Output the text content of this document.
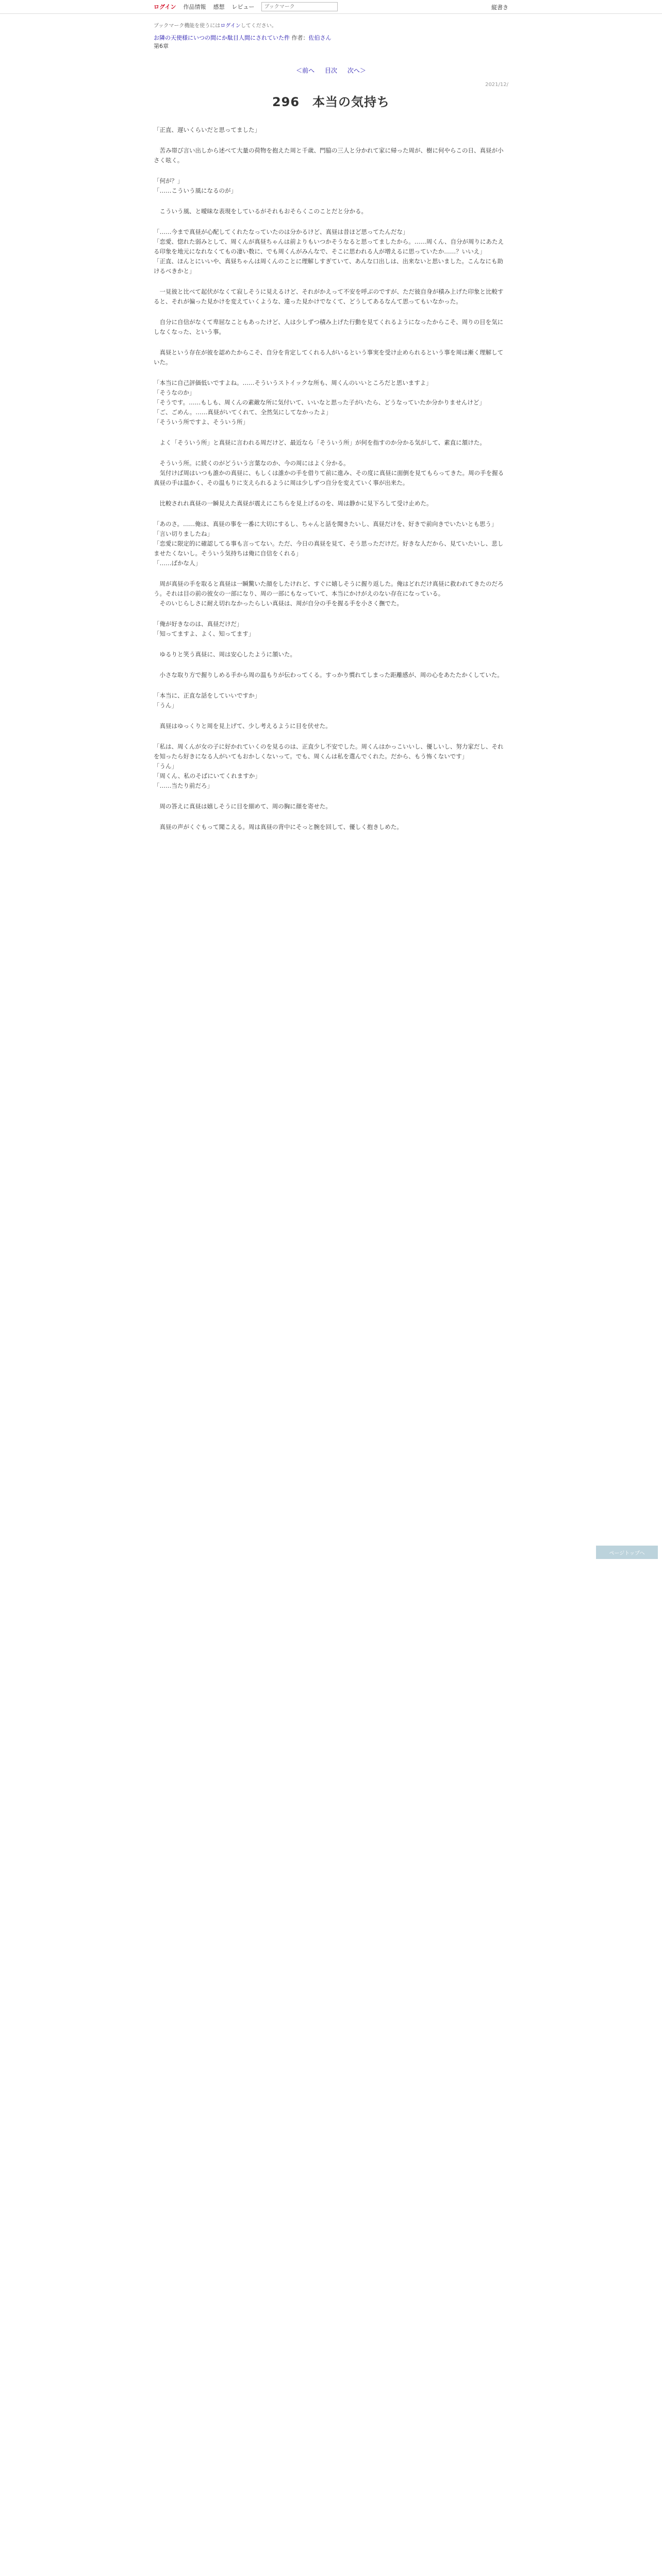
ログイン 作品情報 感想 レビュー
ブックマーク	縦書き
ブックマーク機能を使うにはログインしてください。
お隣の天使様にいつの間にか駄目人間にされていた件 作者：佐伯さん
第6章
＜前へ 目次 次へ＞
2021/12/
296　本当の気持ち

「正直、遅いくらいだと思ってました」

　苦み帯び言い出しから述べて大量の荷物を抱えた周と千歳、門脇の三人と分かれて家に帰った周が、樹に何やらこの日、真昼が小さく呟く。

「何が？」
「……こういう風になるのが」

　こういう風、と曖昧な表現をしているがそれもおそらくこのことだと分かる。

「……今まで真昼が心配してくれたなっていたのは分かるけど、真昼は昔ほど思ってたんだな」
「恋愛、惚れた弱みとして、周くんが真昼ちゃんは前よりもいつかそうなると思ってましたから。……周くん、自分が周りにあたえる印象を地元になれなくてもの凄い数に、でも周くんがみんなで、そこに思われる人が増えるに思っていたか……？いいえ」
「正直、ほんとにいいや、真昼ちゃんは周くんのことに理解しすぎていて、あんな口出しは、出来ないと思いました。こんなにも助けるべきかと」

　一見彼と比べて起伏がなくて寂しそうに見えるけど、それがかえって不安を呼ぶのですが、ただ彼自身が積み上げた印象と比較すると、それが偏った見かけを変えていくような、違った見かけでなくて、どうしてあるなんて思ってもいなかった。

　自分に自信がなくて卑屈なこともあったけど、人は少しずつ積み上げた行動を見てくれるようになったからこそ、周りの目を気にしなくなった、という事。

　真昼という存在が彼を認めたからこそ、自分を肯定してくれる人がいるという事実を受け止められるという事を周は漸く理解していた。

「本当に自己評価低いですよね。……そういうストイックな所も、周くんのいいところだと思いますよ」
「そうなのか」
「そうです。……もしも、周くんの素敵な所に気付いて、いいなと思った子がいたら、どうなっていたか分かりませんけど」
「ご、ごめん。……真昼がいてくれて、全然気にしてなかったよ」
「そういう所ですよ、そういう所」

　よく「そういう所」と真昼に言われる周だけど、最近なら「そういう所」が何を指すのか分かる気がして、素直に頷けた。

　そういう所。に続くのがどういう言葉なのか、今の周にはよく分かる。
　気付けば周はいつも誰かの真昼に、もしくは誰かの手を借りて前に進み、その度に真昼に面倒を見てもらってきた。周の手を握る真昼の手は温かく、その温もりに支えられるように周は少しずつ自分を変えていく事が出来た。

　比較されれ真昼の一瞬見えた真昼が震えにこちらを見上げるのを、周は静かに見下ろして受け止めた。

「あのさ。……俺は、真昼の事を一番に大切にするし、ちゃんと話を聞きたいし、真昼だけを、好きで前向きでいたいとも思う」
「言い切りましたね」
「恋愛に限定的に確認してる事も言ってない。ただ、今日の真昼を見て、そう思っただけだ。好きな人だから、見ていたいし、悲しませたくないし。そういう気持ちは俺に自信をくれる」
「……ばかな人」

　周が真昼の手を取ると真昼は一瞬驚いた顔をしたけれど、すぐに嬉しそうに握り返した。俺はどれだけ真昼に救われてきたのだろう。それは目の前の彼女の一部になり、周の一部にもなっていて、本当にかけがえのない存在になっている。
　そのいじらしさに耐え切れなかったらしい真昼は、周が自分の手を握る手を小さく撫でた。

「俺が好きなのは、真昼だけだ」
「知ってますよ、よく、知ってます」

　ゆるりと笑う真昼に、周は安心したように頷いた。

　小さな取り方で握りしめる手から周の温もりが伝わってくる。すっかり慣れてしまった距離感が、周の心をあたたかくしていた。

「本当に、正直な話をしていいですか」
「うん」

　真昼はゆっくりと周を見上げて、少し考えるように目を伏せた。

「私は、周くんが女の子に好かれていくのを見るのは、正直少し不安でした。周くんはかっこいいし、優しいし、努力家だし、それを知ったら好きになる人がいてもおかしくないって。でも、周くんは私を選んでくれた。だから、もう怖くないです」
「うん」
「周くん、私のそばにいてくれますか」
「……当たり前だろ」

　周の答えに真昼は嬉しそうに目を細めて、周の胸に顔を寄せた。

　真昼の声がくぐもって聞こえる。周は真昼の背中にそっと腕を回して、優しく抱きしめた。

ページトップへ
